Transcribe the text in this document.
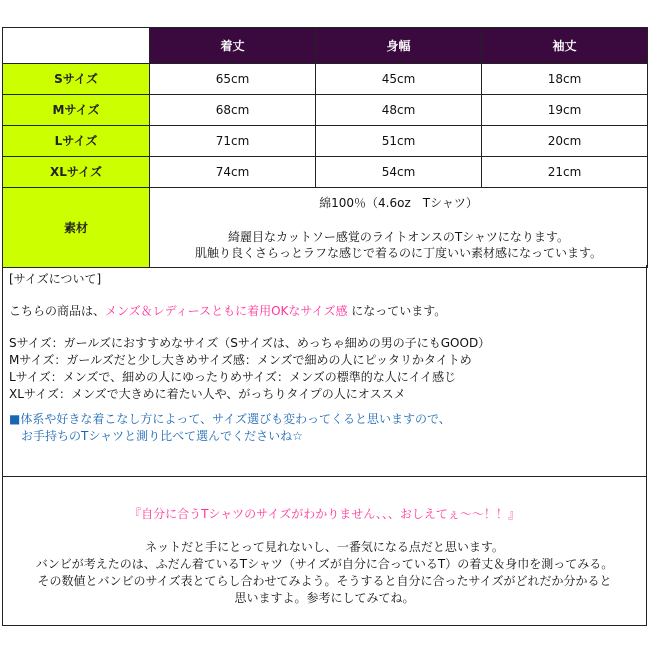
	着丈	身幅	袖丈
Sサイズ	65cm	45cm	18cm
Mサイズ	68cm	48cm	19cm
Lサイズ	71cm	51cm	20cm
XLサイズ	74cm	54cm	21cm
素材	綿100％（4.6oz　Tシャツ）
綺麗目なカットソー感覚のライトオンスのTシャツになります。
肌触り良くさらっとラフな感じで着るのに丁度いい素材感になっています。		
[サイズについて]
こちらの商品は、メンズ＆レディースともに着用OKなサイズ感 になっています。
Sサイズ：ガールズにおすすめなサイズ（Sサイズは、めっちゃ細めの男の子にもGOOD）
Mサイズ：ガールズだと少し大きめサイズ感：メンズで細めの人にピッタリかタイトめ
Lサイズ：メンズで、細めの人にゆったりめサイズ：メンズの標準的な人にイイ感じ
XLサイズ：メンズで大きめに着たい人や、がっちりタイプの人にオススメ
■体系や好きな着こなし方によって、サイズ選びも変わってくると思いますので、
お手持ちのTシャツと測り比べて選んでくださいね☆
『自分に合うTシャツのサイズがわかりません、、、おしえてぇ～～！！』
ネットだと手にとって見れないし、一番気になる点だと思います。
バンビが考えたのは、ふだん着ているTシャツ（サイズが自分に合っているT）の着丈＆身巾を測ってみる。
その数値とバンビのサイズ表とてらし合わせてみよう。そうすると自分に合ったサイズがどれだか分かると
思いますよ。参考にしてみてね。
